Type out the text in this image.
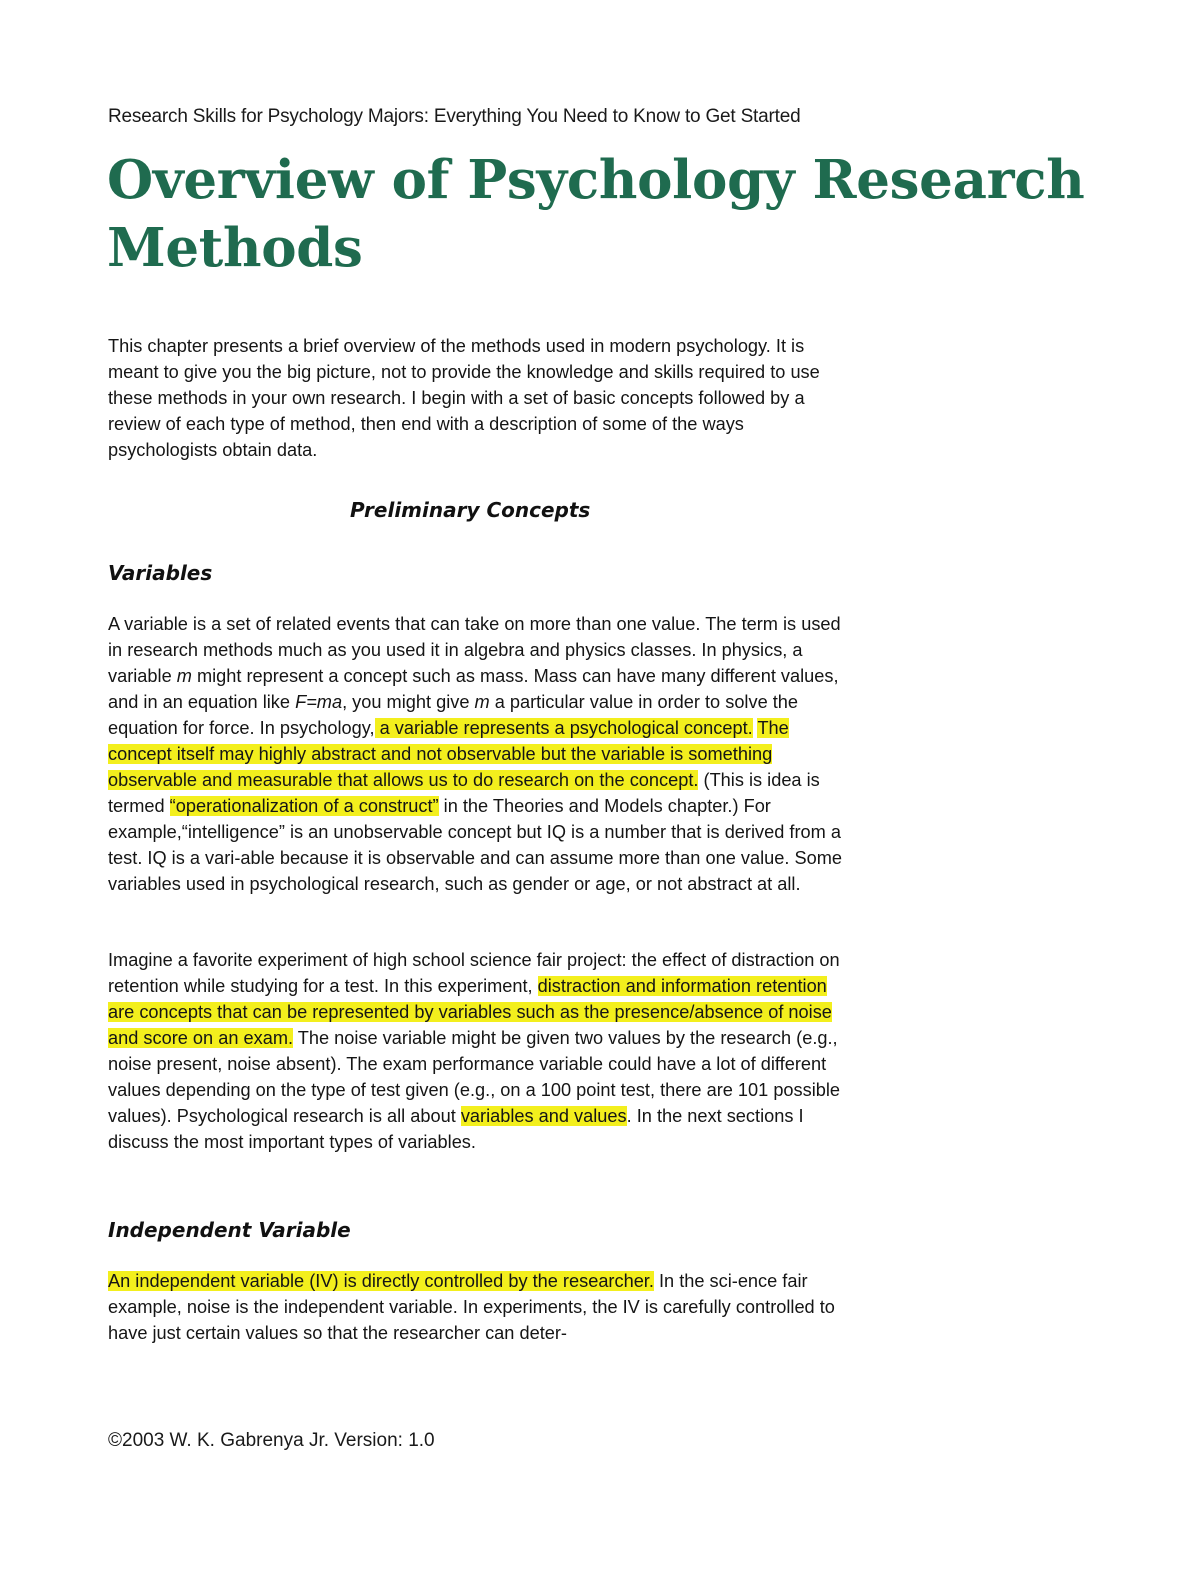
Research Skills for Psychology Majors: Everything You Need to Know to Get Started
Overview of Psychology Research
Methods

This chapter presents a brief overview of the methods used in modern psychology. It is meant to give you the big picture, not to provide the knowledge and skills required to use these methods in your own research. I begin with a set of basic concepts followed by a review of each type of method, then end with a description of some of the ways psychologists obtain data.

Preliminary Concepts
Variables

A variable is a set of related events that can take on more than one value. The term is used in research methods much as you used it in algebra and physics classes. In physics, a variable m might represent a concept such as mass. Mass can have many different values, and in an equation like F=ma, you might give m a particular value in order to solve the equation for force. In psychology, a variable represents a psychological concept. The concept itself may highly abstract and not observable but the variable is something observable and measurable that allows us to do research on the concept. (This is idea is termed “operationalization of a construct” in the Theories and Models chapter.) For example,“intelligence” is an unobservable concept but IQ is a number that is derived from a test. IQ is a vari-able because it is observable and can assume more than one value. Some variables used in psychological research, such as gender or age, or not abstract at all.

Imagine a favorite experiment of high school science fair project: the effect of distraction on retention while studying for a test. In this experiment, distraction and information retention are concepts that can be represented by variables such as the presence/absence of noise and score on an exam. The noise variable might be given two values by the research (e.g., noise present, noise absent). The exam performance variable could have a lot of different values depending on the type of test given (e.g., on a 100 point test, there are 101 possible values). Psychological research is all about variables and values. In the next sections I discuss the most important types of variables.

Independent Variable

An independent variable (IV) is directly controlled by the researcher. In the sci-ence fair example, noise is the independent variable. In experiments, the IV is carefully controlled to have just certain values so that the researcher can deter-

©2003 W. K. Gabrenya Jr. Version: 1.0
